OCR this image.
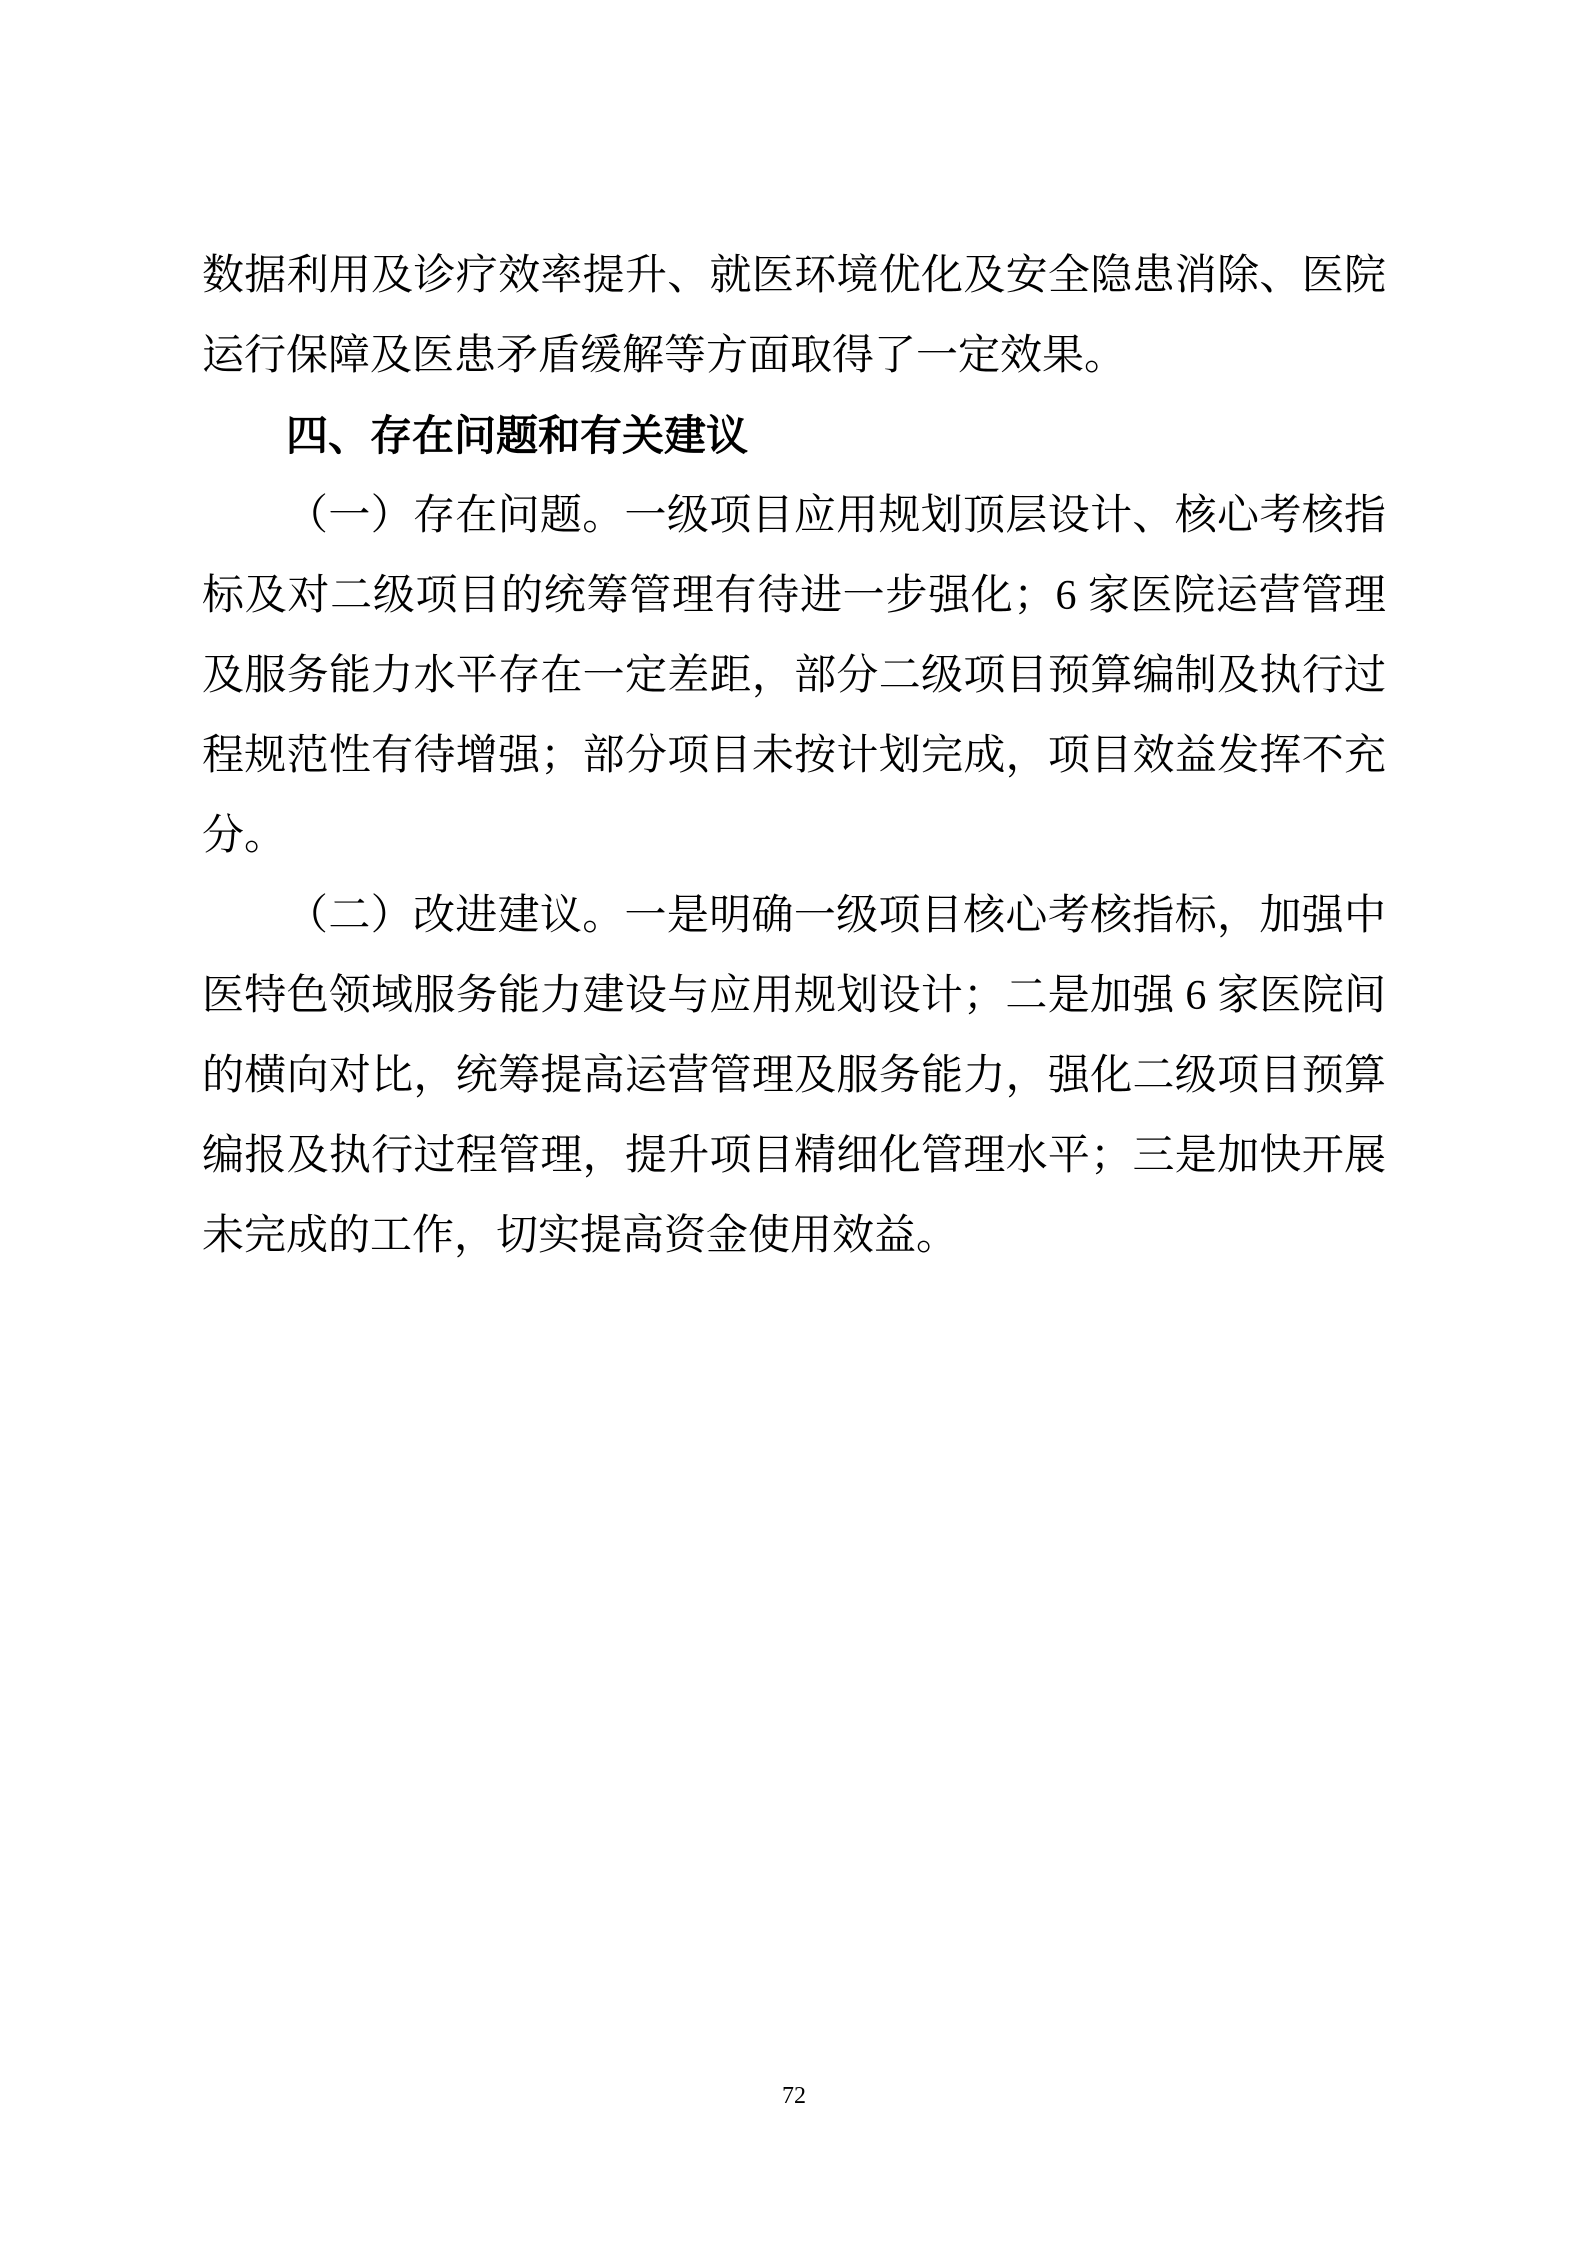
数据利用及诊疗效率提升、就医环境优化及安全隐患消除、医院
运行保障及医患矛盾缓解等方面取得了一定效果。
四、存在问题和有关建议
（一）存在问题。一级项目应用规划顶层设计、核心考核指
标及对二级项目的统筹管理有待进一步强化；6 家医院运营管理
及服务能力水平存在一定差距，部分二级项目预算编制及执行过
程规范性有待增强；部分项目未按计划完成，项目效益发挥不充
分。
（二）改进建议。一是明确一级项目核心考核指标，加强中
医特色领域服务能力建设与应用规划设计；二是加强 6 家医院间
的横向对比，统筹提高运营管理及服务能力，强化二级项目预算
编报及执行过程管理，提升项目精细化管理水平；三是加快开展
未完成的工作，切实提高资金使用效益。
72
